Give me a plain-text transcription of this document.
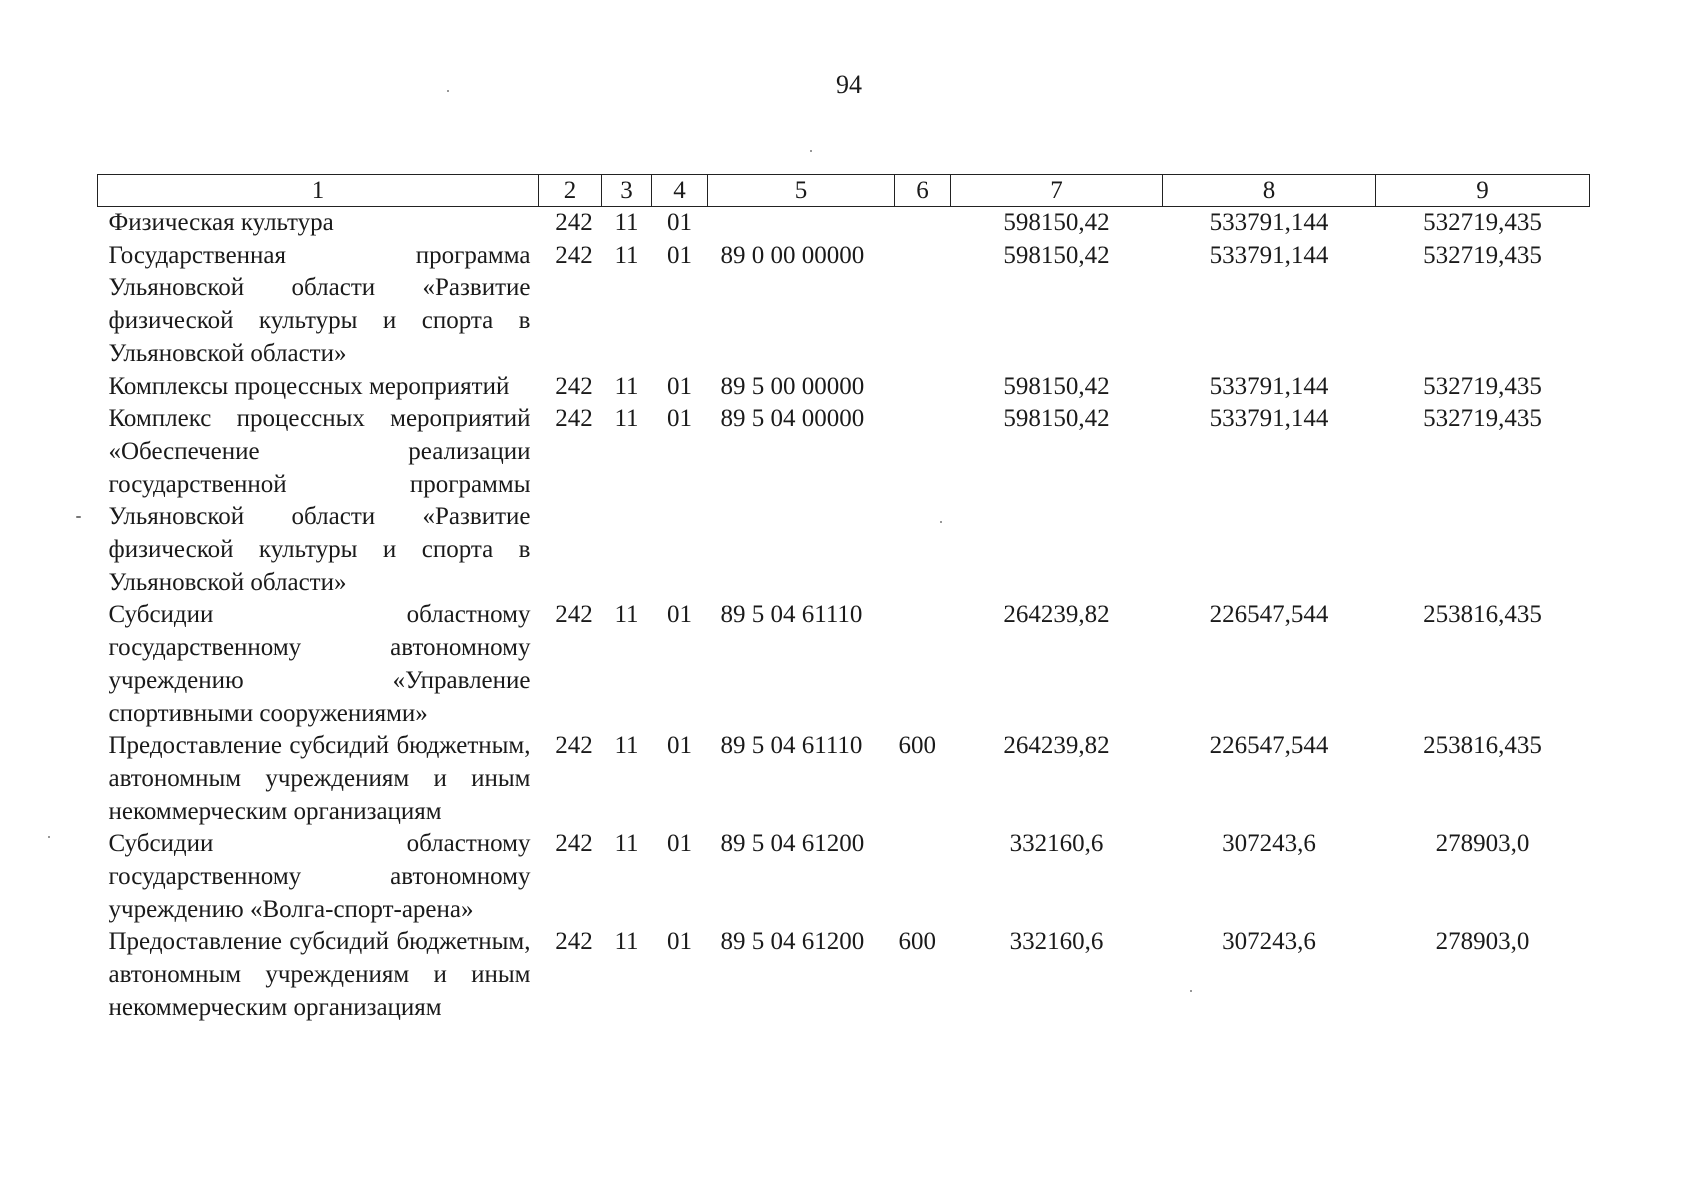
94
1	2	3	4	5	6	7	8	9
Физическая культура	242	11	01			598150,42	533791,144	532719,435
Государственная программа Ульяновской области «Развитие физической культуры и спорта в Ульяновской области»	242	11	01	89 0 00 00000		598150,42	533791,144	532719,435
Комплексы процессных мероприятий	242	11	01	89 5 00 00000		598150,42	533791,144	532719,435
Комплекс процессных мероприятий «Обеспечение реализации государственной программы Ульяновской области «Развитие физической культуры и спорта в Ульяновской области»	242	11	01	89 5 04 00000		598150,42	533791,144	532719,435
Субсидии областному государственному автономному учреждению «Управление спортивными сооружениями»	242	11	01	89 5 04 61110		264239,82	226547,544	253816,435
Предоставление субсидий бюджетным, автономным учреждениям и иным некоммерческим организациям	242	11	01	89 5 04 61110	600	264239,82	226547,544	253816,435
Субсидии областному государственному автономному учреждению «Волга-спорт-арена»	242	11	01	89 5 04 61200		332160,6	307243,6	278903,0
Предоставление субсидий бюджетным, автономным учреждениям и иным некоммерческим организациям	242	11	01	89 5 04 61200	600	332160,6	307243,6	278903,0
